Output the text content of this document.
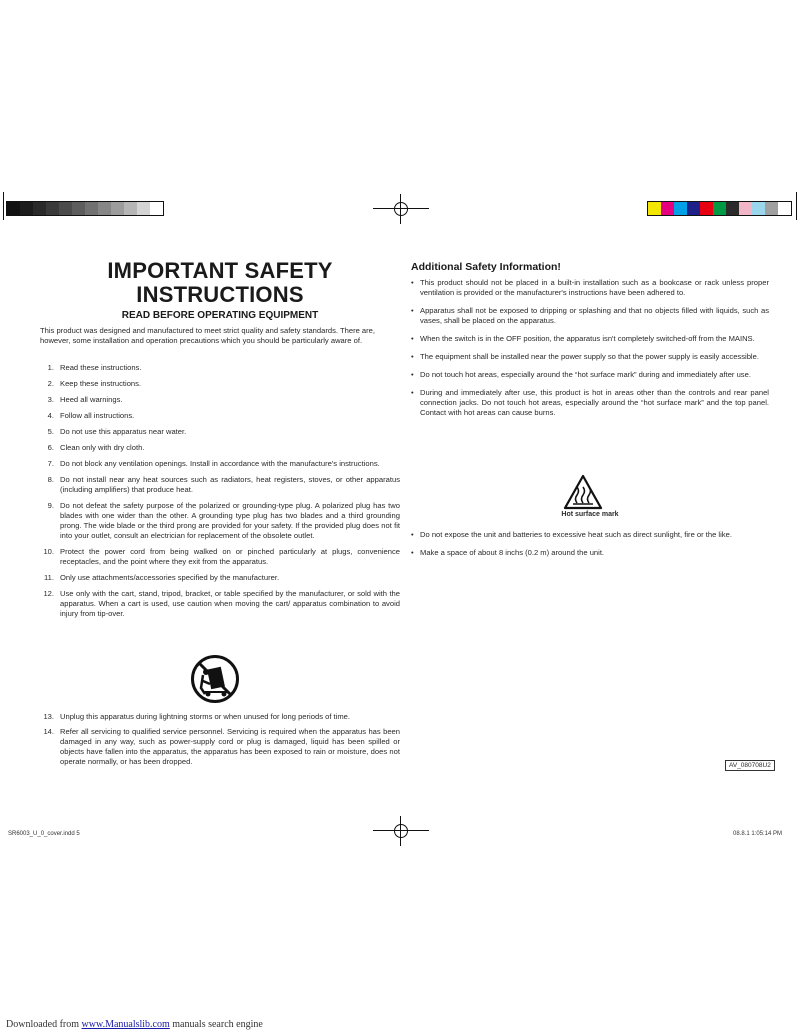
IMPORTANT SAFETY INSTRUCTIONS
READ BEFORE OPERATING EQUIPMENT
This product was designed and manufactured to meet strict quality and safety standards. There are, however, some installation and operation precautions which you should be particularly aware of.
1. Read these instructions.
2. Keep these instructions.
3. Heed all warnings.
4. Follow all instructions.
5. Do not use this apparatus near water.
6. Clean only with dry cloth.
7. Do not block any ventilation openings. Install in accordance with the manufacture's instructions.
8. Do not install near any heat sources such as radiators, heat registers, stoves, or other apparatus (including amplifiers) that produce heat.
9. Do not defeat the safety purpose of the polarized or grounding-type plug. A polarized plug has two blades with one wider than the other. A grounding type plug has two blades and a third grounding prong. The wide blade or the third prong are provided for your safety. If the provided plug does not fit into your outlet, consult an electrician for replacement of the obsolete outlet.
10. Protect the power cord from being walked on or pinched particularly at plugs, convenience receptacles, and the point where they exit from the apparatus.
11. Only use attachments/accessories specified by the manufacturer.
12. Use only with the cart, stand, tripod, bracket, or table specified by the manufacturer, or sold with the apparatus. When a cart is used, use caution when moving the cart/ apparatus combination to avoid injury from tip-over.
13. Unplug this apparatus during lightning storms or when unused for long periods of time.
14. Refer all servicing to qualified service personnel. Servicing is required when the apparatus has been damaged in any way, such as power-supply cord or plug is damaged, liquid has been spilled or objects have fallen into the apparatus, the apparatus has been exposed to rain or moisture, does not operate normally, or has been dropped.
Additional Safety Information!
• This product should not be placed in a built-in installation such as a bookcase or rack unless proper ventilation is provided or the manufacturer's instructions have been adhered to.
• Apparatus shall not be exposed to dripping or splashing and that no objects filled with liquids, such as vases, shall be placed on the apparatus.
• When the switch is in the OFF position, the apparatus isn't completely switched-off from the MAINS.
• The equipment shall be installed near the power supply so that the power supply is easily accessible.
• Do not touch hot areas, especially around the “hot surface mark” during and immediately after use.
• During and immediately after use, this product is hot in areas other than the controls and rear panel connection jacks. Do not touch hot areas, especially around the “hot surface mark” and the top panel. Contact with hot areas can cause burns.
Hot surface mark
• Do not expose the unit and batteries to excessive heat such as direct sunlight, fire or the like.
• Make a space of about 8 inchs (0.2 m) around the unit.
AV_080708U2
SR6003_U_0_cover.indd 5	08.8.1 1:05:14 PM
Downloaded from www.Manualslib.com manuals search engine
